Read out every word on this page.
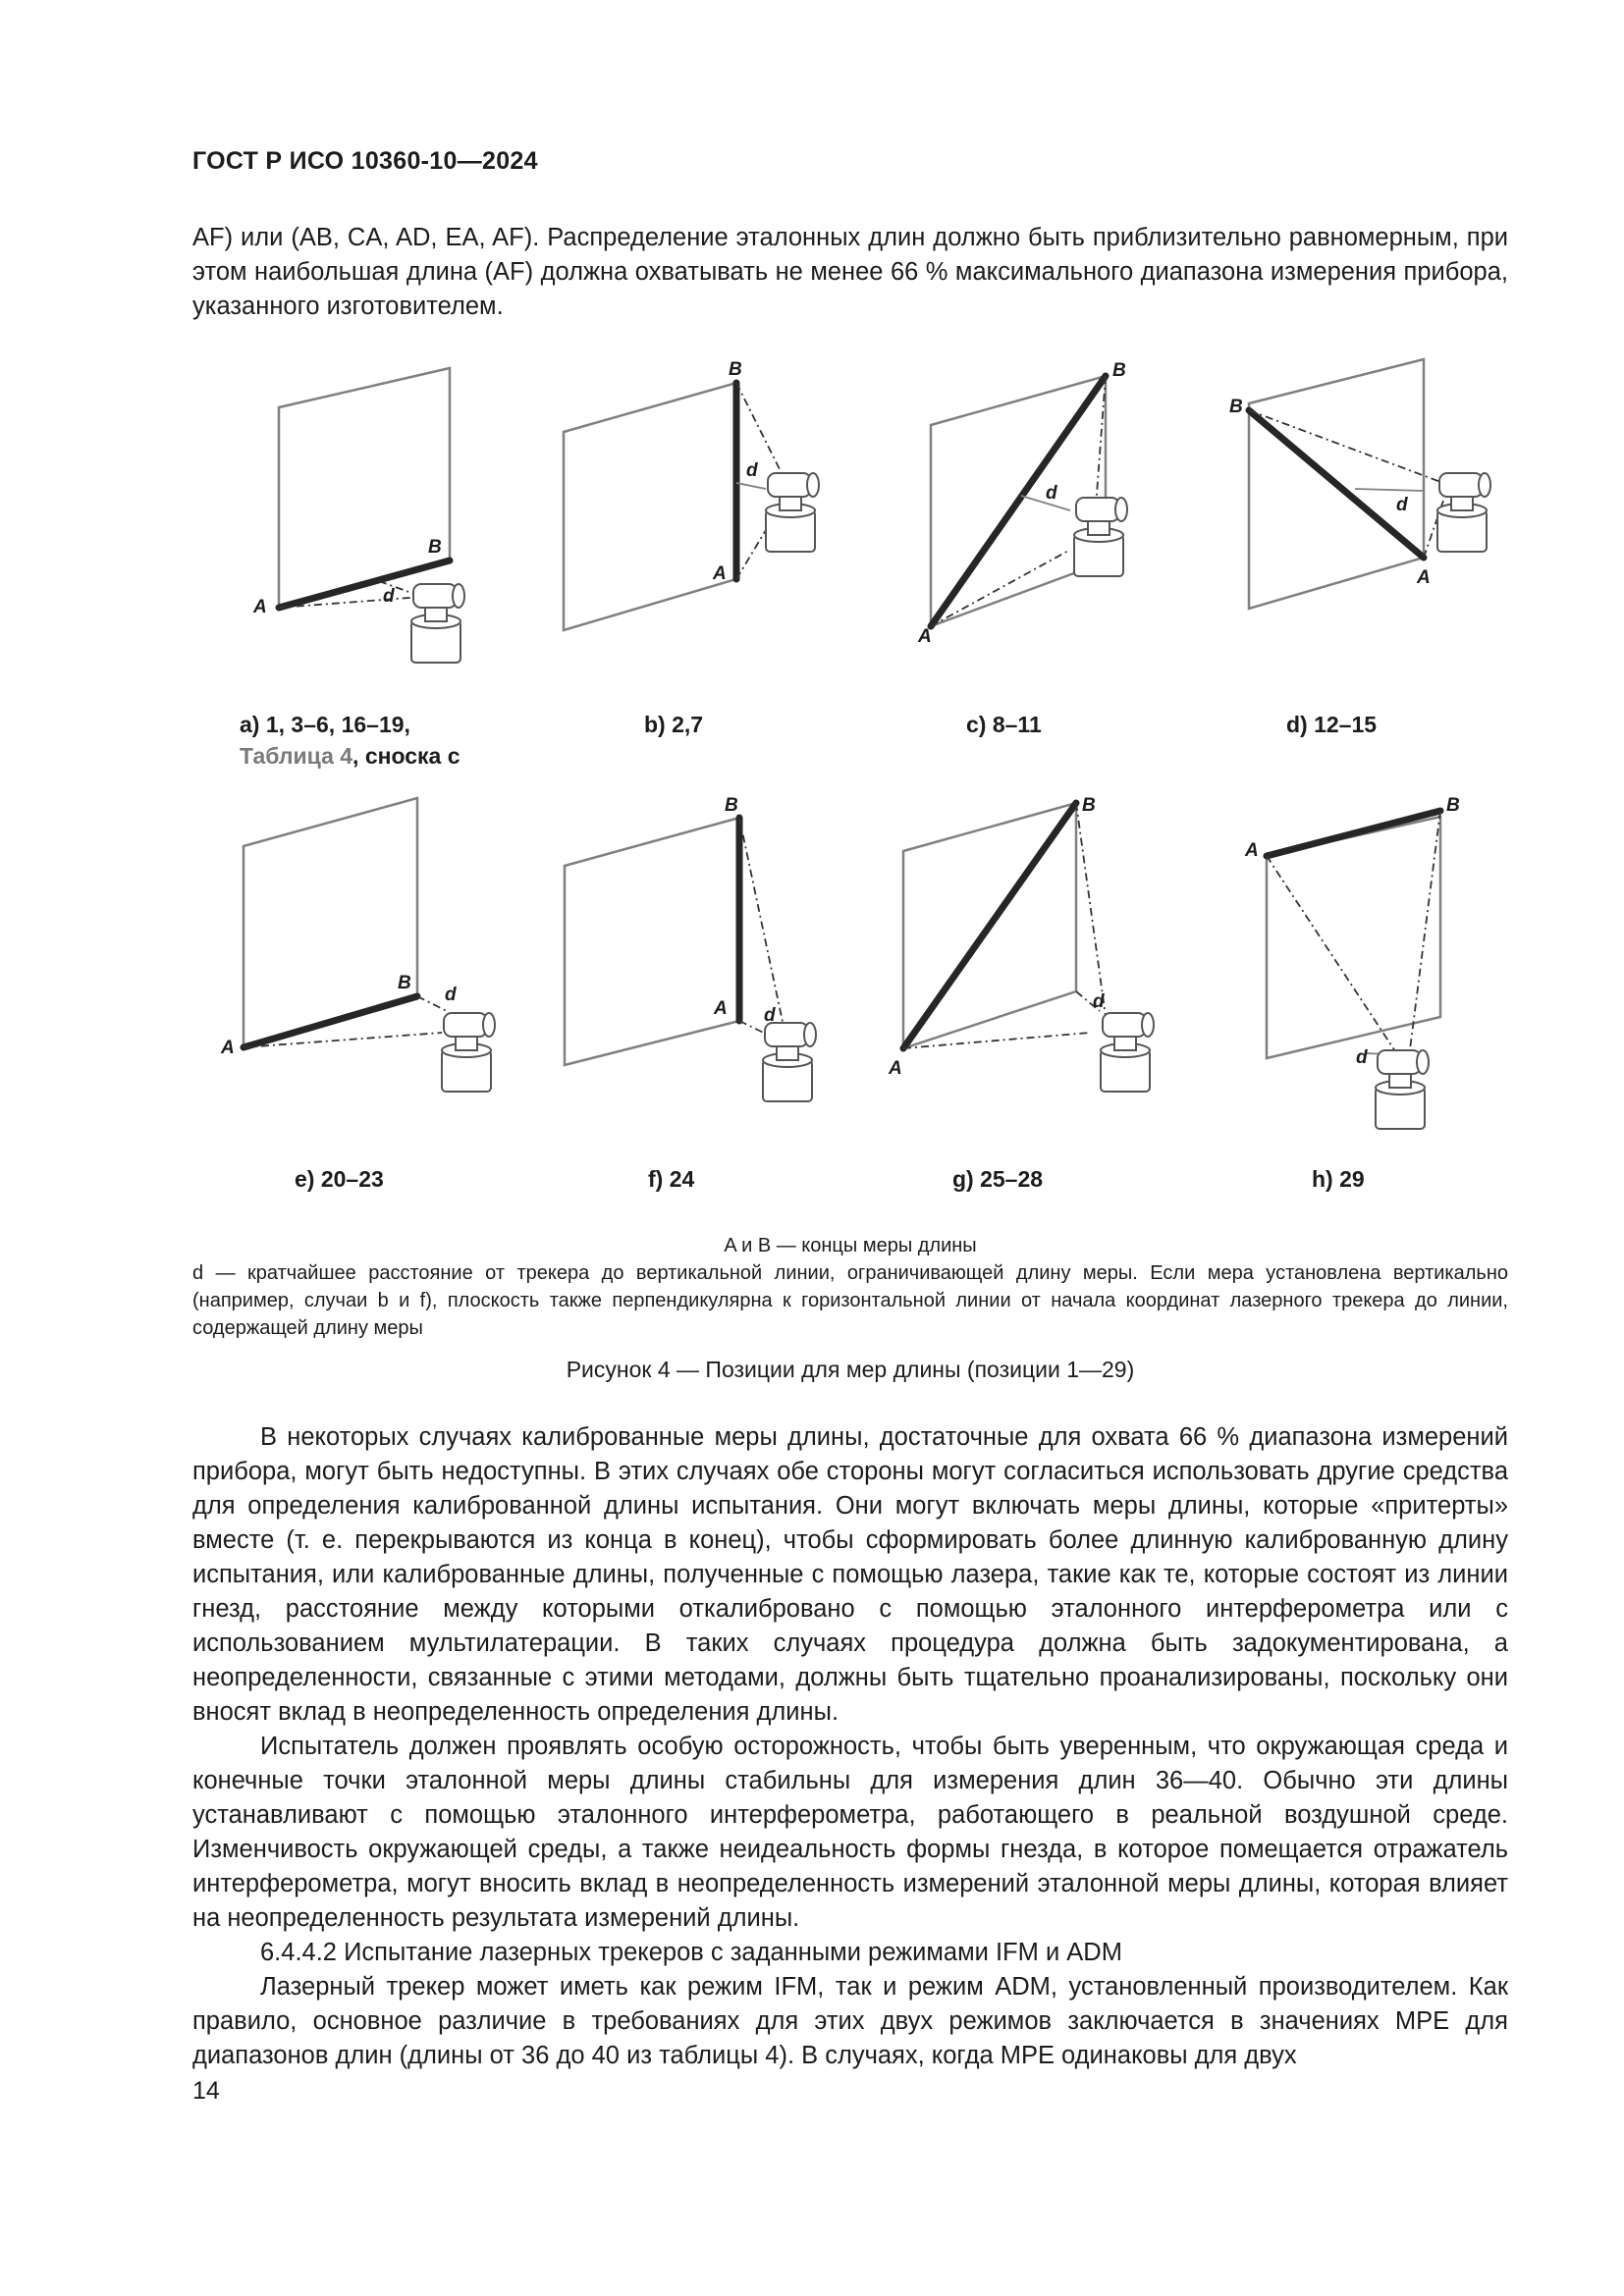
ГОСТ Р ИСО 10360-10—2024

AF) или (AB, CA, AD, EA, AF). Распределение эталонных длин должно быть приблизительно равномерным, при этом наибольшая длина (AF) должна охватывать не менее 66 % максимального диапазона измерения прибора, указанного изготовителем.

A
B
d
B
A
d
B
A
d
B
A
d
A
B
d
B
A d
B
A
d
A
B
d
a) 1, 3–6, 16–19,
Таблица 4, сноска c
b) 2,7	c) 8–11	d) 12–15
e) 20–23	f) 24	g) 25–28	h) 29

A и B — концы меры длины

d — кратчайшее расстояние от трекера до вертикальной линии, ограничивающей длину меры. Если мера установлена вертикально (например, случаи b и f), плоскость также перпендикулярна к горизонтальной линии от начала координат лазерного трекера до линии, содержащей длину меры

Рисунок 4 — Позиции для мер длины (позиции 1—29)

В некоторых случаях калиброванные меры длины, достаточные для охвата 66 % диапазона измерений прибора, могут быть недоступны. В этих случаях обе стороны могут согласиться использовать другие средства для определения калиброванной длины испытания. Они могут включать меры длины, которые «притерты» вместе (т. е. перекрываются из конца в конец), чтобы сформировать более длинную калиброванную длину испытания, или калиброванные длины, полученные с помощью лазера, такие как те, которые состоят из линии гнезд, расстояние между которыми откалибровано с помощью эталонного интерферометра или с использованием мультилатерации. В таких случаях процедура должна быть задокументирована, а неопределенности, связанные с этими методами, должны быть тщательно проанализированы, поскольку они вносят вклад в неопределенность определения длины.

Испытатель должен проявлять особую осторожность, чтобы быть уверенным, что окружающая среда и конечные точки эталонной меры длины стабильны для измерения длин 36—40. Обычно эти длины устанавливают с помощью эталонного интерферометра, работающего в реальной воздушной среде. Изменчивость окружающей среды, а также неидеальность формы гнезда, в которое помещается отражатель интерферометра, могут вносить вклад в неопределенность измерений эталонной меры длины, которая влияет на неопределенность результата измерений длины.

6.4.4.2 Испытание лазерных трекеров с заданными режимами IFM и ADM

Лазерный трекер может иметь как режим IFM, так и режим ADM, установленный производителем. Как правило, основное различие в требованиях для этих двух режимов заключается в значениях MPE для диапазонов длин (длины от 36 до 40 из таблицы 4). В случаях, когда MPE одинаковы для двух

14
